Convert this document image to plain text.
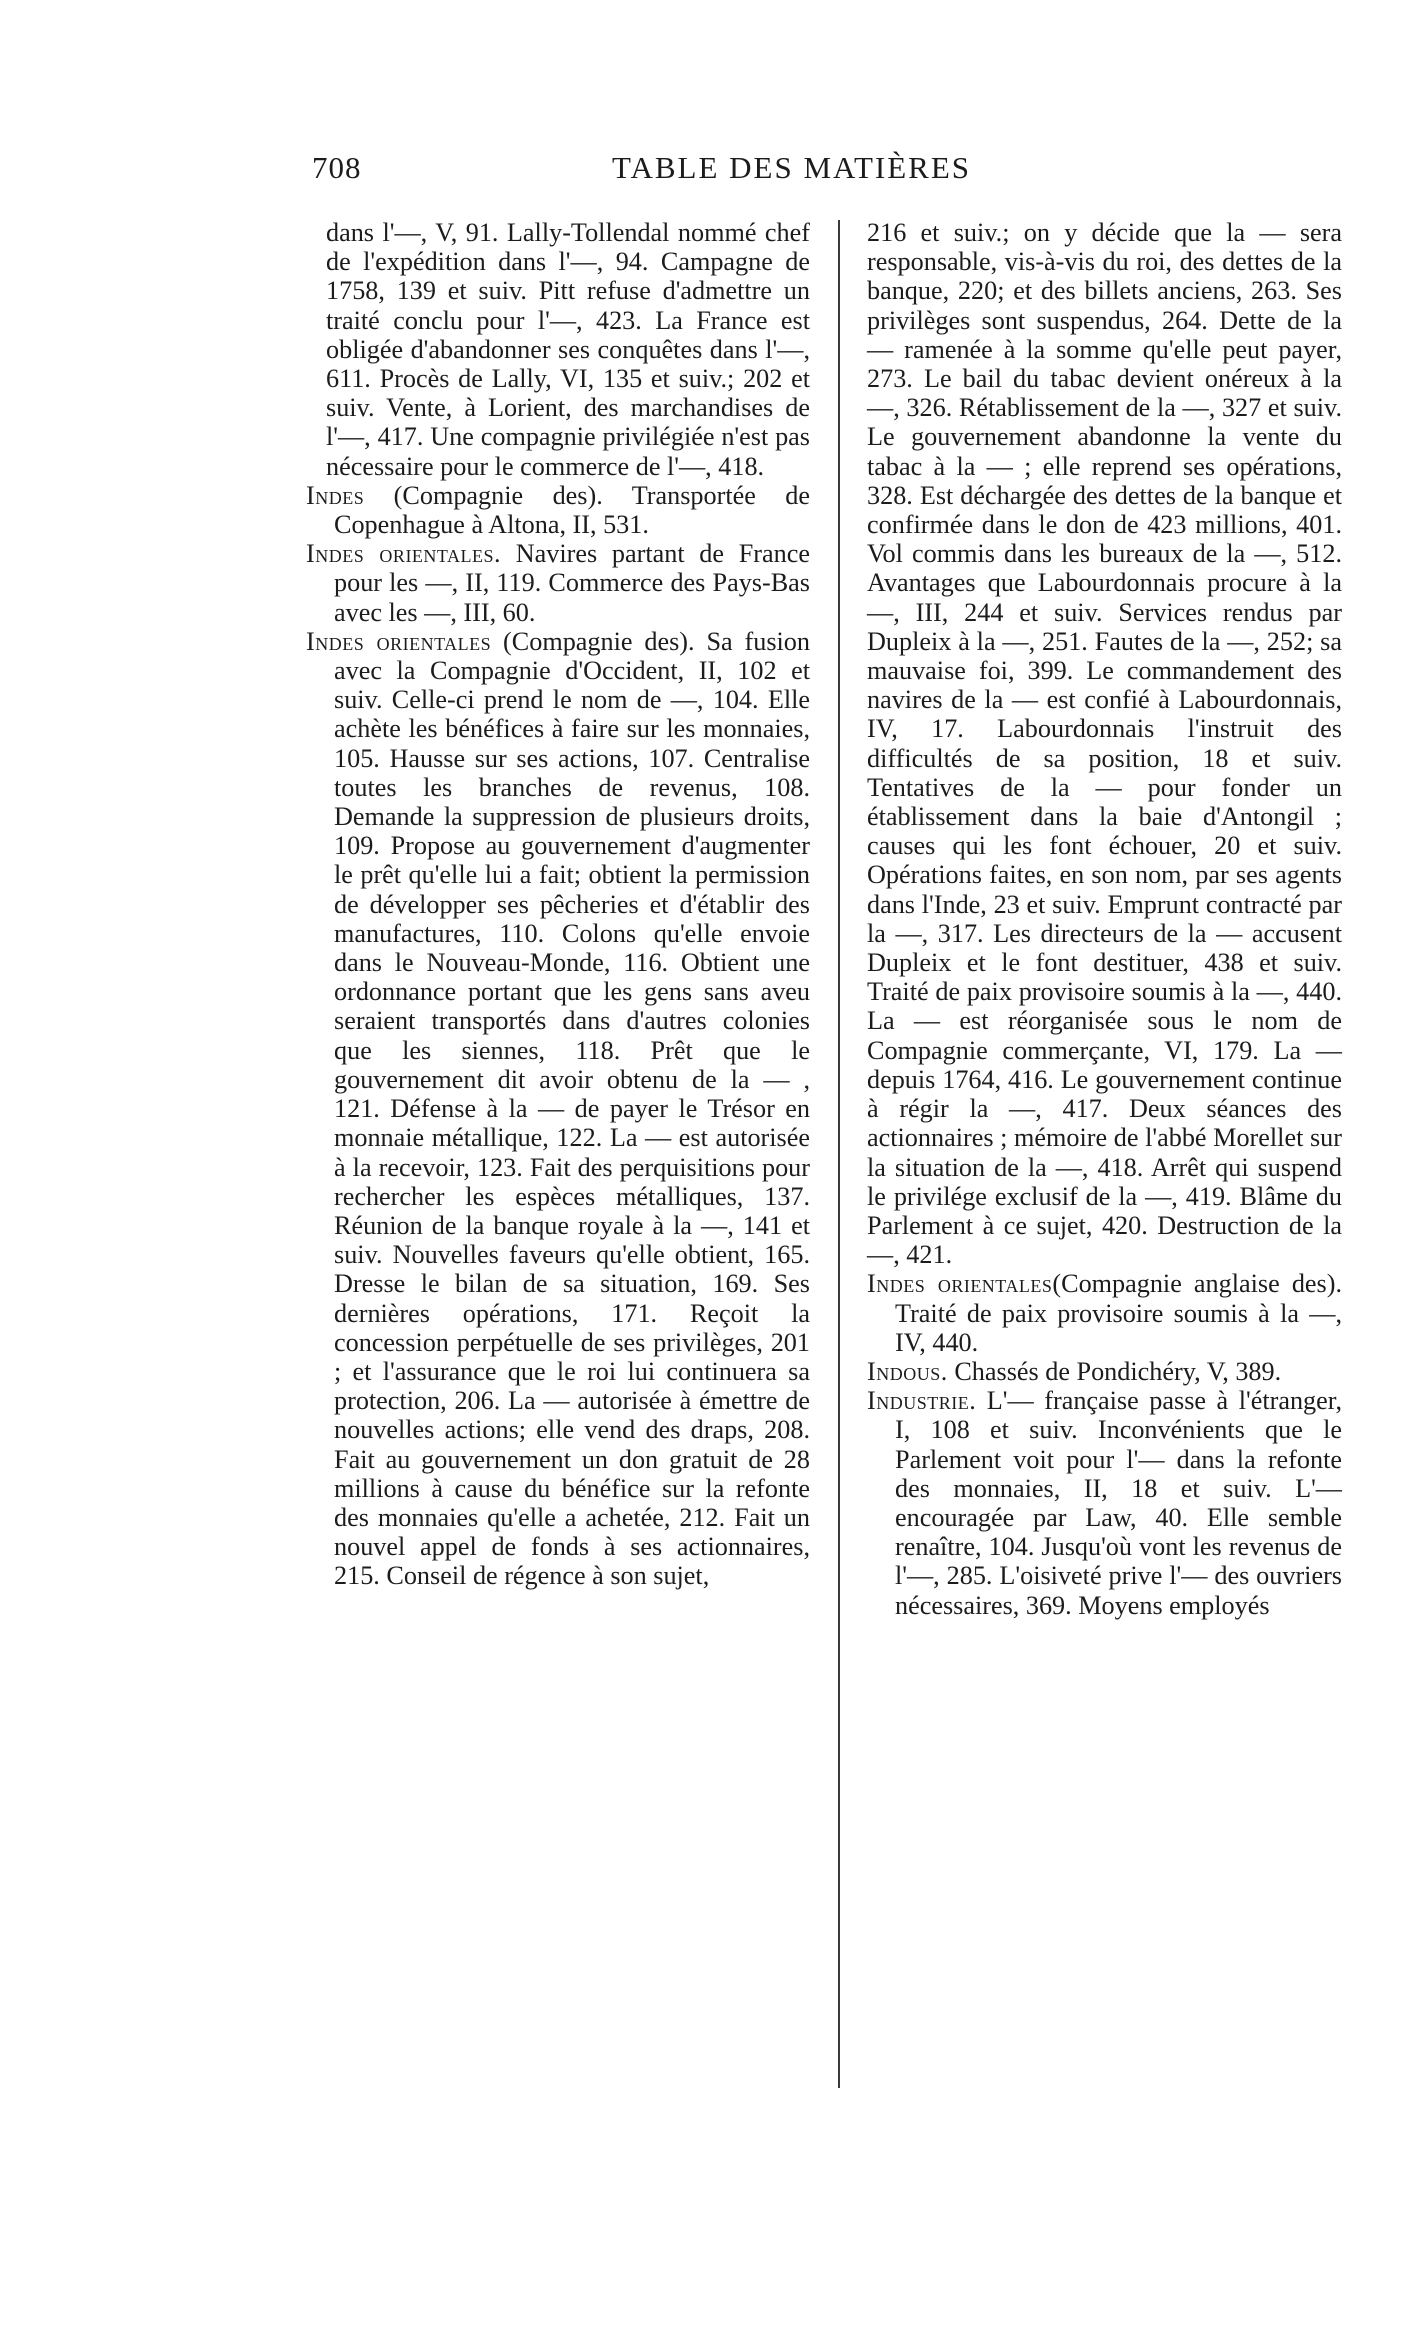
708	TABLE DES MATIÈRES

dans l'—, V, 91. Lally-Tollendal nommé chef de l'expédition dans l'—, 94. Campagne de 1758, 139 et suiv. Pitt refuse d'admettre un traité conclu pour l'—, 423. La France est obligée d'abandonner ses conquêtes dans l'—, 611. Procès de Lally, VI, 135 et suiv.; 202 et suiv. Vente, à Lorient, des marchandises de l'—, 417. Une compagnie privilégiée n'est pas nécessaire pour le commerce de l'—, 418.

Indes (Compagnie des). Transportée de Copenhague à Altona, II, 531.

Indes orientales. Navires partant de France pour les —, II, 119. Commerce des Pays-Bas avec les —, III, 60.

Indes orientales (Compagnie des). Sa fusion avec la Compagnie d'Occident, II, 102 et suiv. Celle-ci prend le nom de —, 104. Elle achète les bénéfices à faire sur les monnaies, 105. Hausse sur ses actions, 107. Centralise toutes les branches de revenus, 108. Demande la suppression de plusieurs droits, 109. Propose au gouvernement d'augmenter le prêt qu'elle lui a fait; obtient la permission de développer ses pêcheries et d'établir des manufactures, 110. Colons qu'elle envoie dans le Nouveau-Monde, 116. Obtient une ordonnance portant que les gens sans aveu seraient transportés dans d'autres colonies que les siennes, 118. Prêt que le gouvernement dit avoir obtenu de la — , 121. Défense à la — de payer le Trésor en monnaie métallique, 122. La — est autorisée à la recevoir, 123. Fait des perquisitions pour rechercher les espèces métalliques, 137. Réunion de la banque royale à la —, 141 et suiv. Nouvelles faveurs qu'elle obtient, 165. Dresse le bilan de sa situation, 169. Ses dernières opérations, 171. Reçoit la concession perpétuelle de ses privilèges, 201 ; et l'assurance que le roi lui continuera sa protection, 206. La — autorisée à émettre de nouvelles actions; elle vend des draps, 208. Fait au gouvernement un don gratuit de 28 millions à cause du bénéfice sur la refonte des monnaies qu'elle a achetée, 212. Fait un nouvel appel de fonds à ses actionnaires, 215. Conseil de régence à son sujet,

216 et suiv.; on y décide que la — sera responsable, vis-à-vis du roi, des dettes de la banque, 220; et des billets anciens, 263. Ses privilèges sont suspendus, 264. Dette de la — ramenée à la somme qu'elle peut payer, 273. Le bail du tabac devient onéreux à la —, 326. Rétablissement de la —, 327 et suiv. Le gouvernement abandonne la vente du tabac à la — ; elle reprend ses opérations, 328. Est déchargée des dettes de la banque et confirmée dans le don de 423 millions, 401. Vol commis dans les bureaux de la —, 512. Avantages que Labourdonnais procure à la —, III, 244 et suiv. Services rendus par Dupleix à la —, 251. Fautes de la —, 252; sa mauvaise foi, 399. Le commandement des navires de la — est confié à Labourdonnais, IV, 17. Labourdonnais l'instruit des difficultés de sa position, 18 et suiv. Tentatives de la — pour fonder un établissement dans la baie d'Antongil ; causes qui les font échouer, 20 et suiv. Opérations faites, en son nom, par ses agents dans l'Inde, 23 et suiv. Emprunt contracté par la —, 317. Les directeurs de la — accusent Dupleix et le font destituer, 438 et suiv. Traité de paix provisoire soumis à la —, 440. La — est réorganisée sous le nom de Compagnie commerçante, VI, 179. La — depuis 1764, 416. Le gouvernement continue à régir la —, 417. Deux séances des actionnaires ; mémoire de l'abbé Morellet sur la situation de la —, 418. Arrêt qui suspend le privilége exclusif de la —, 419. Blâme du Parlement à ce sujet, 420. Destruction de la —, 421.

Indes orientales(Compagnie anglaise des). Traité de paix provisoire soumis à la —, IV, 440.

Indous. Chassés de Pondichéry, V, 389.

Industrie. L'— française passe à l'étranger, I, 108 et suiv. Inconvénients que le Parlement voit pour l'— dans la refonte des monnaies, II, 18 et suiv. L'— encouragée par Law, 40. Elle semble renaître, 104. Jusqu'où vont les revenus de l'—, 285. L'oisiveté prive l'— des ouvriers nécessaires, 369. Moyens employés
